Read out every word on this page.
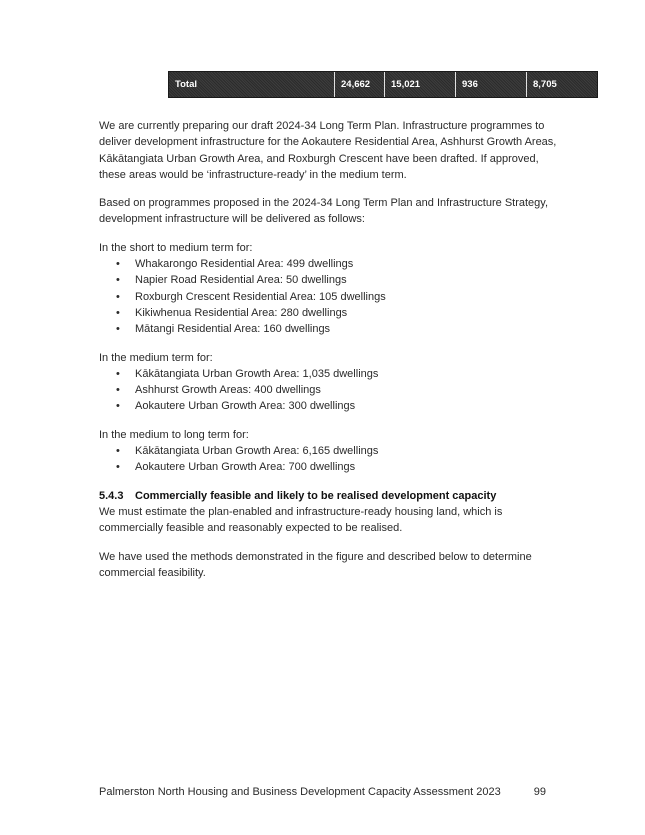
Total	24,662	15,021	936	8,705

We are currently preparing our draft 2024-34 Long Term Plan. Infrastructure programmes to deliver development infrastructure for the Aokautere Residential Area, Ashhurst Growth Areas, Kākātangiata Urban Growth Area, and Roxburgh Crescent have been drafted. If approved, these areas would be ‘infrastructure-ready’ in the medium term.

Based on programmes proposed in the 2024-34 Long Term Plan and Infrastructure Strategy, development infrastructure will be delivered as follows:

In the short to medium term for:

• Whakarongo Residential Area: 499 dwellings
• Napier Road Residential Area: 50 dwellings
• Roxburgh Crescent Residential Area: 105 dwellings
• Kikiwhenua Residential Area: 280 dwellings
• Mātangi Residential Area: 160 dwellings

In the medium term for:

• Kākātangiata Urban Growth Area: 1,035 dwellings
• Ashhurst Growth Areas: 400 dwellings
• Aokautere Urban Growth Area: 300 dwellings

In the medium to long term for:

• Kākātangiata Urban Growth Area: 6,165 dwellings
• Aokautere Urban Growth Area: 700 dwellings
5.4.3 Commercially feasible and likely to be realised development capacity

We must estimate the plan-enabled and infrastructure-ready housing land, which is commercially feasible and reasonably expected to be realised.

We have used the methods demonstrated in the figure and described below to determine commercial feasibility.

Palmerston North Housing and Business Development Capacity Assessment 2023	99
